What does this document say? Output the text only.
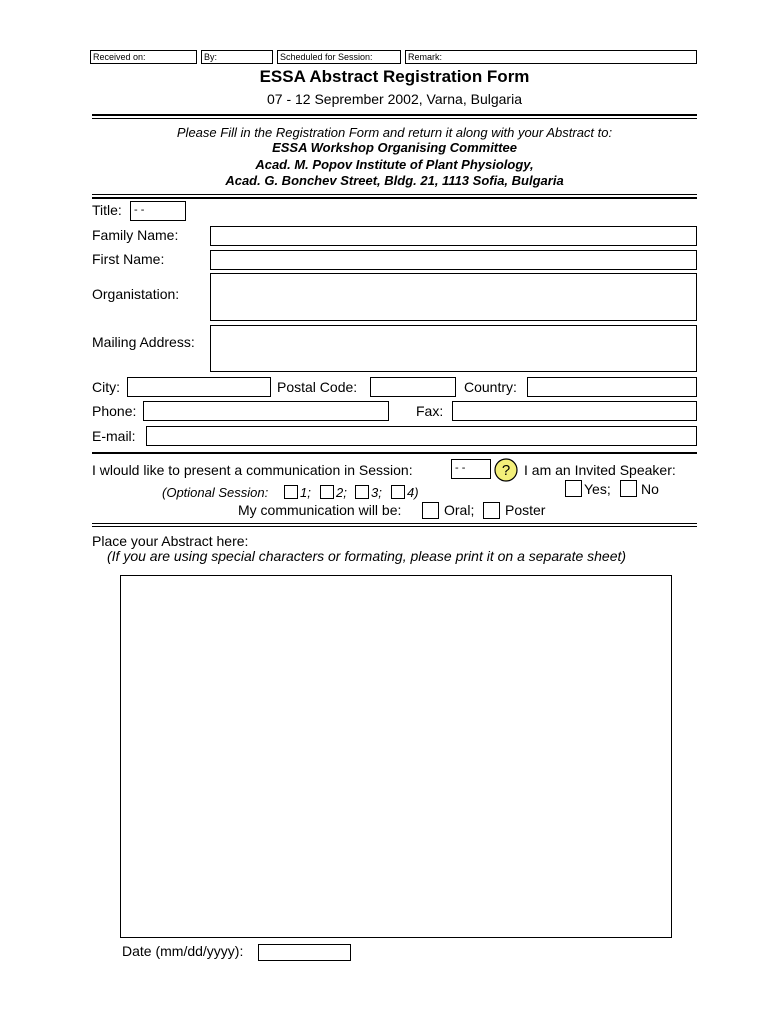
Received on:	By:	Scheduled for Session:	Remark:
ESSA Abstract Registration Form
07 - 12 Seprember 2002, Varna, Bulgaria
Please Fill in the Registration Form and return it along with your Abstract to:
ESSA Workshop Organising Committee
Acad. M. Popov Institute of Plant Physiology,
Acad. G. Bonchev Street, Bldg. 21, 1113 Sofia, Bulgaria
Title:	- -
Family Name:
First Name:
Organistation:
Mailing Address:
City:	Postal Code:	Country:
Phone:	Fax:
E-mail:
I wlould like to present a communication in Session:	- -	? I am an Invited Speaker:
Yes; No
(Optional Session: 1; 2; 3; 4)
My communication will be:	Oral; Poster
Place your Abstract here:
(If you are using special characters or formating, please print it on a separate sheet)
Date (mm/dd/yyyy):
